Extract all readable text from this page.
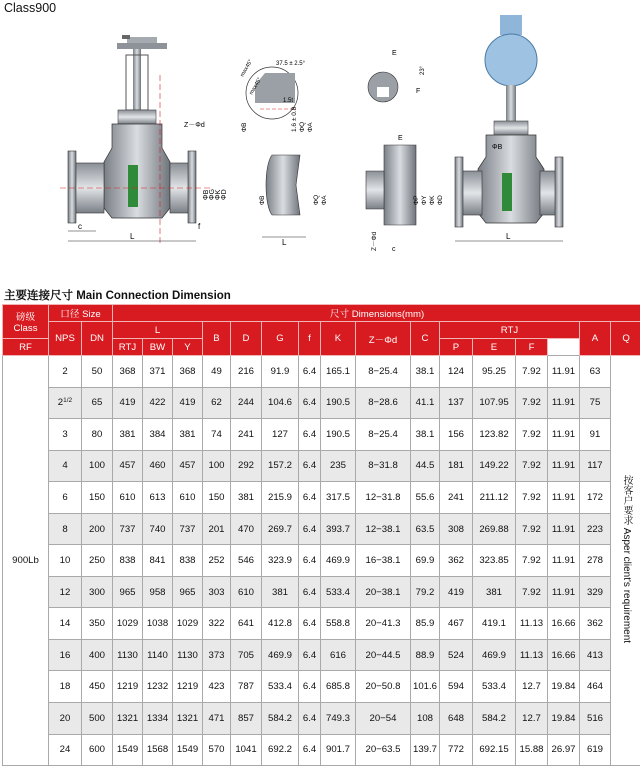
Class900
c
L
Z－Φd
f
ΦB ΦG ΦK ΦD
max45°
max45°
37.5 ± 2.5°
1.5t
ΦB	1.6 ± 0.8 ΦQ ΦA
L
ΦB	ΦQ ΦA
E
23°
F
E
Z－Φd c
ΦP ΦY ΦK ΦD
L
ΦB
主要连接尺寸 Main Connection Dimension
磅级
Class	口径 Size		尺寸 Dimensions(mm)															
	NPS	DN	L			B	D	G	f	K	Z－Φd	C	RTJ				A	Q
RF			RTJ	BW	Y								P	E	F			
900Lb	2	50	368	371	368	49	216	91.9	6.4	165.1	8−25.4	38.1	124	95.25	7.92	11.91	63	按客户要求 Asper client's requirement
	$2^{1/2}$	65	419	422	419	62	244	104.6	6.4	190.5	8−28.6	41.1	137	107.95	7.92	11.91	75	
	3	80	381	384	381	74	241	127	6.4	190.5	8−25.4	38.1	156	123.82	7.92	11.91	91	
	4	100	457	460	457	100	292	157.2	6.4	235	8−31.8	44.5	181	149.22	7.92	11.91	117	
	6	150	610	613	610	150	381	215.9	6.4	317.5	12−31.8	55.6	241	211.12	7.92	11.91	172	
	8	200	737	740	737	201	470	269.7	6.4	393.7	12−38.1	63.5	308	269.88	7.92	11.91	223	
	10	250	838	841	838	252	546	323.9	6.4	469.9	16−38.1	69.9	362	323.85	7.92	11.91	278	
	12	300	965	958	965	303	610	381	6.4	533.4	20−38.1	79.2	419	381	7.92	11.91	329	
	14	350	1029	1038	1029	322	641	412.8	6.4	558.8	20−41.3	85.9	467	419.1	11.13	16.66	362	
	16	400	1130	1140	1130	373	705	469.9	6.4	616	20−44.5	88.9	524	469.9	11.13	16.66	413	
	18	450	1219	1232	1219	423	787	533.4	6.4	685.8	20−50.8	101.6	594	533.4	12.7	19.84	464	
	20	500	1321	1334	1321	471	857	584.2	6.4	749.3	20−54	108	648	584.2	12.7	19.84	516	
	24	600	1549	1568	1549	570	1041	692.2	6.4	901.7	20−63.5	139.7	772	692.15	15.88	26.97	619	
